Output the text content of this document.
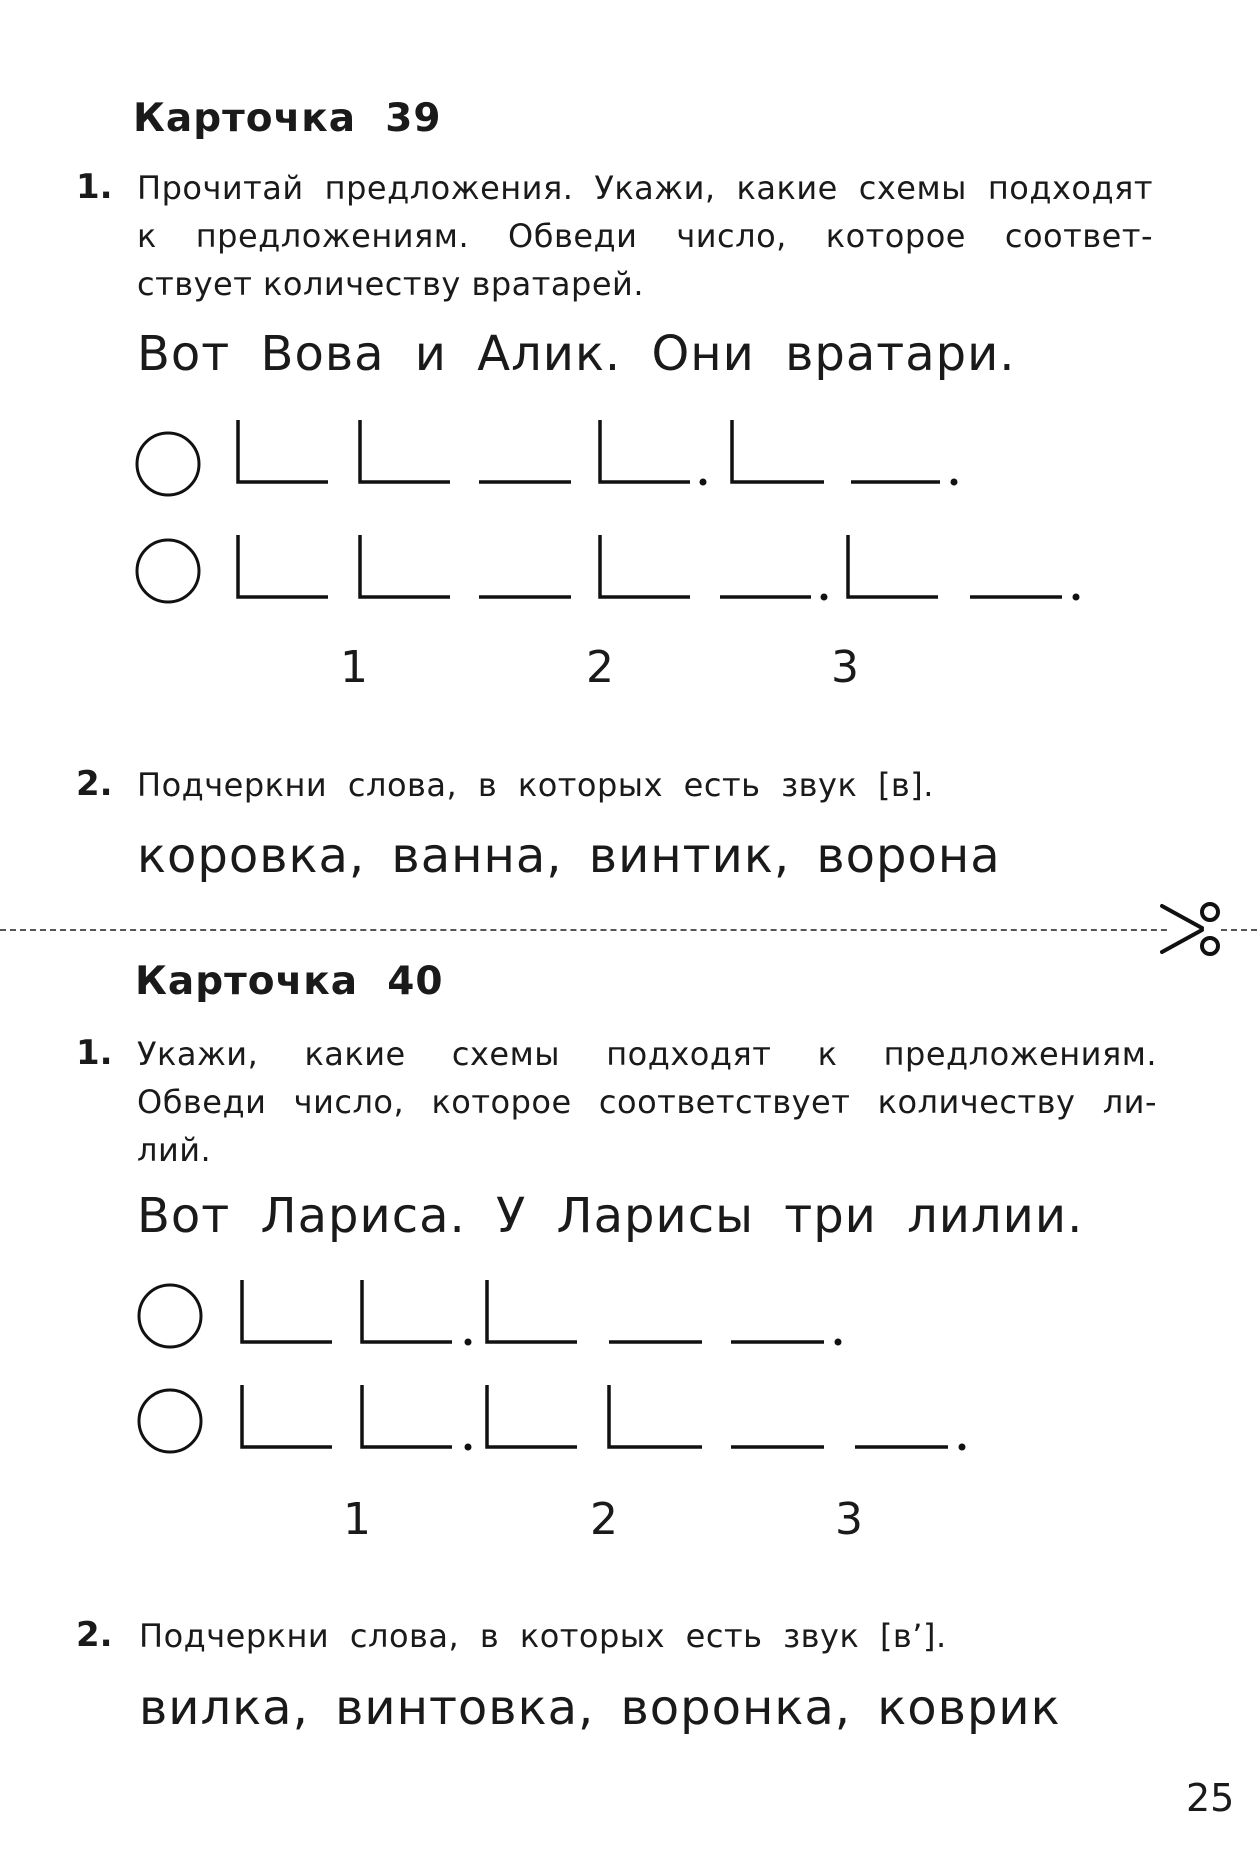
Карточка  39
1. Прочитай предложения. Укажи, какие схемы подходят
к предложениям. Обведи число, которое соответ-
ствует количеству вратарей.
Вот Вова и Алик. Они вратари.
1	2	3
2. Подчеркни слова, в которых есть звук [в].
коровка, ванна, винтик, ворона
Карточка  40
1. Укажи, какие схемы подходят к предложениям.
Обведи число, которое соответствует количеству ли-
лий.
Вот Лариса. У Ларисы три лилии.
1	2	3
2. Подчеркни слова, в которых есть звук [в’].
вилка, винтовка, воронка, коврик
25
